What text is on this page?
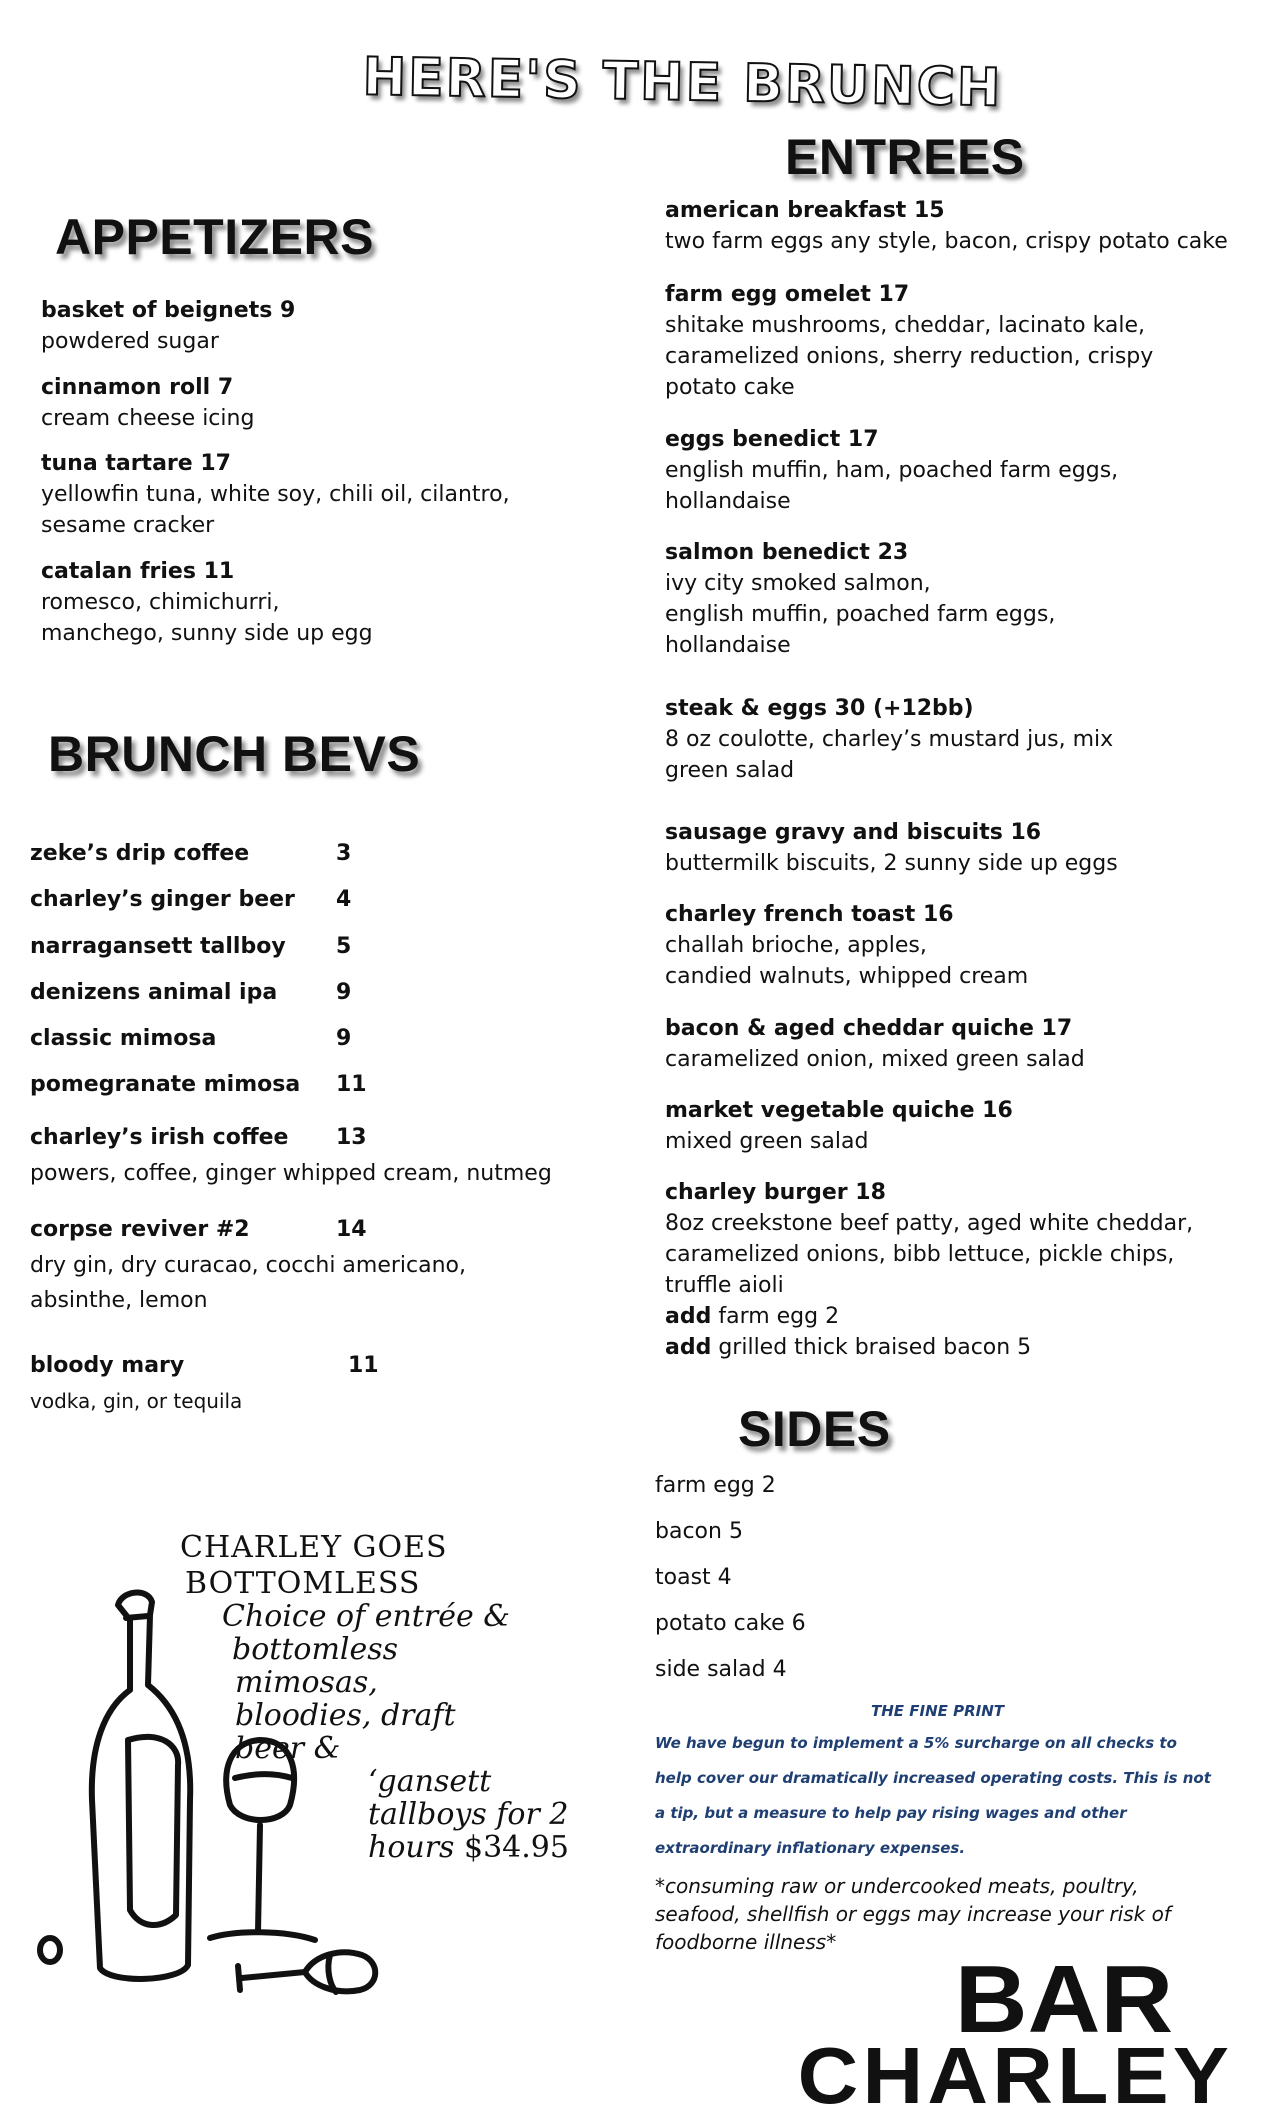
HERE'S THE BRUNCH
ENTREES
APPETIZERS
BRUNCH BEVS
SIDES
basket of beignets 9
powdered sugar
cinnamon roll 7
cream cheese icing
tuna tartare 17
yellowfin tuna, white soy, chili oil, cilantro,
sesame cracker
catalan fries 11
romesco, chimichurri,
manchego, sunny side up egg
american breakfast 15
two farm eggs any style, bacon, crispy potato cake
farm egg omelet 17
shitake mushrooms, cheddar, lacinato kale,
caramelized onions, sherry reduction, crispy
potato cake
eggs benedict 17
english muffin, ham, poached farm eggs,
hollandaise
salmon benedict 23
ivy city smoked salmon,
english muffin, poached farm eggs,
hollandaise
steak & eggs 30 (+12bb)
8 oz coulotte, charley’s mustard jus, mix
green salad
sausage gravy and biscuits 16
buttermilk biscuits, 2 sunny side up eggs
charley french toast 16
challah brioche, apples,
candied walnuts, whipped cream
bacon & aged cheddar quiche 17
caramelized onion, mixed green salad
market vegetable quiche 16
mixed green salad
charley burger 18
8oz creekstone beef patty, aged white cheddar,
caramelized onions, bibb lettuce, pickle chips,
truffle aioli
add farm egg 2
add grilled thick braised bacon 5
zeke’s drip coffee	3
charley’s ginger beer 4
narragansett tallboy 5
denizens animal ipa	9
classic mimosa	9
pomegranate mimosa 11
charley’s irish coffee 13
powers, coffee, ginger whipped cream, nutmeg
corpse reviver #2	14
dry gin, dry curacao, cocchi americano, absinthe, lemon
bloody mary	11
vodka, gin, or tequila
farm egg 2
bacon 5
toast 4
potato cake 6
side salad 4
THE FINE PRINT
We have begun to implement a 5% surcharge on all checks to help cover our dramatically increased operating costs. This is not a tip, but a measure to help pay rising wages and other extraordinary inflationary expenses.
*consuming raw or undercooked meats, poultry, seafood, shellfish or eggs may increase your risk of foodborne illness*
CHARLEY GOES
BOTTOMLESS
Choice of entrée &
bottomless
mimosas,
bloodies, draft
beer &
‘gansett
tallboys for 2
hours $34.95
BAR
CHARLEY
